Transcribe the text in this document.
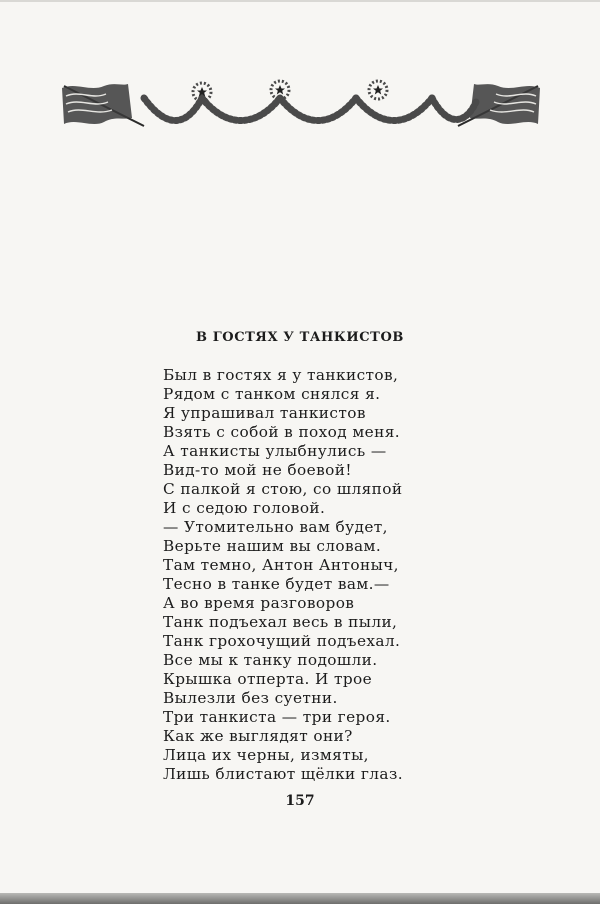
В ГОСТЯХ У ТАНКИСТОВ
Был в гостях я у танкистов,
Рядом с танком снялся я.
Я упрашивал танкистов
Взять с собой в поход меня.
А танкисты улыбнулись —
Вид-то мой не боевой!
С палкой я стою, со шляпой
И с седою головой.
— Утомительно вам будет,
Верьте нашим вы словам.
Там темно, Антон Антоныч,
Тесно в танке будет вам.—
А во время разговоров
Танк подъехал весь в пыли,
Танк грохочущий подъехал.
Все мы к танку подошли.
Крышка отперта. И трое
Вылезли без суетни.
Три танкиста — три героя.
Как же выглядят они?
Лица их черны, измяты,
Лишь блистают щёлки глаз.
157
